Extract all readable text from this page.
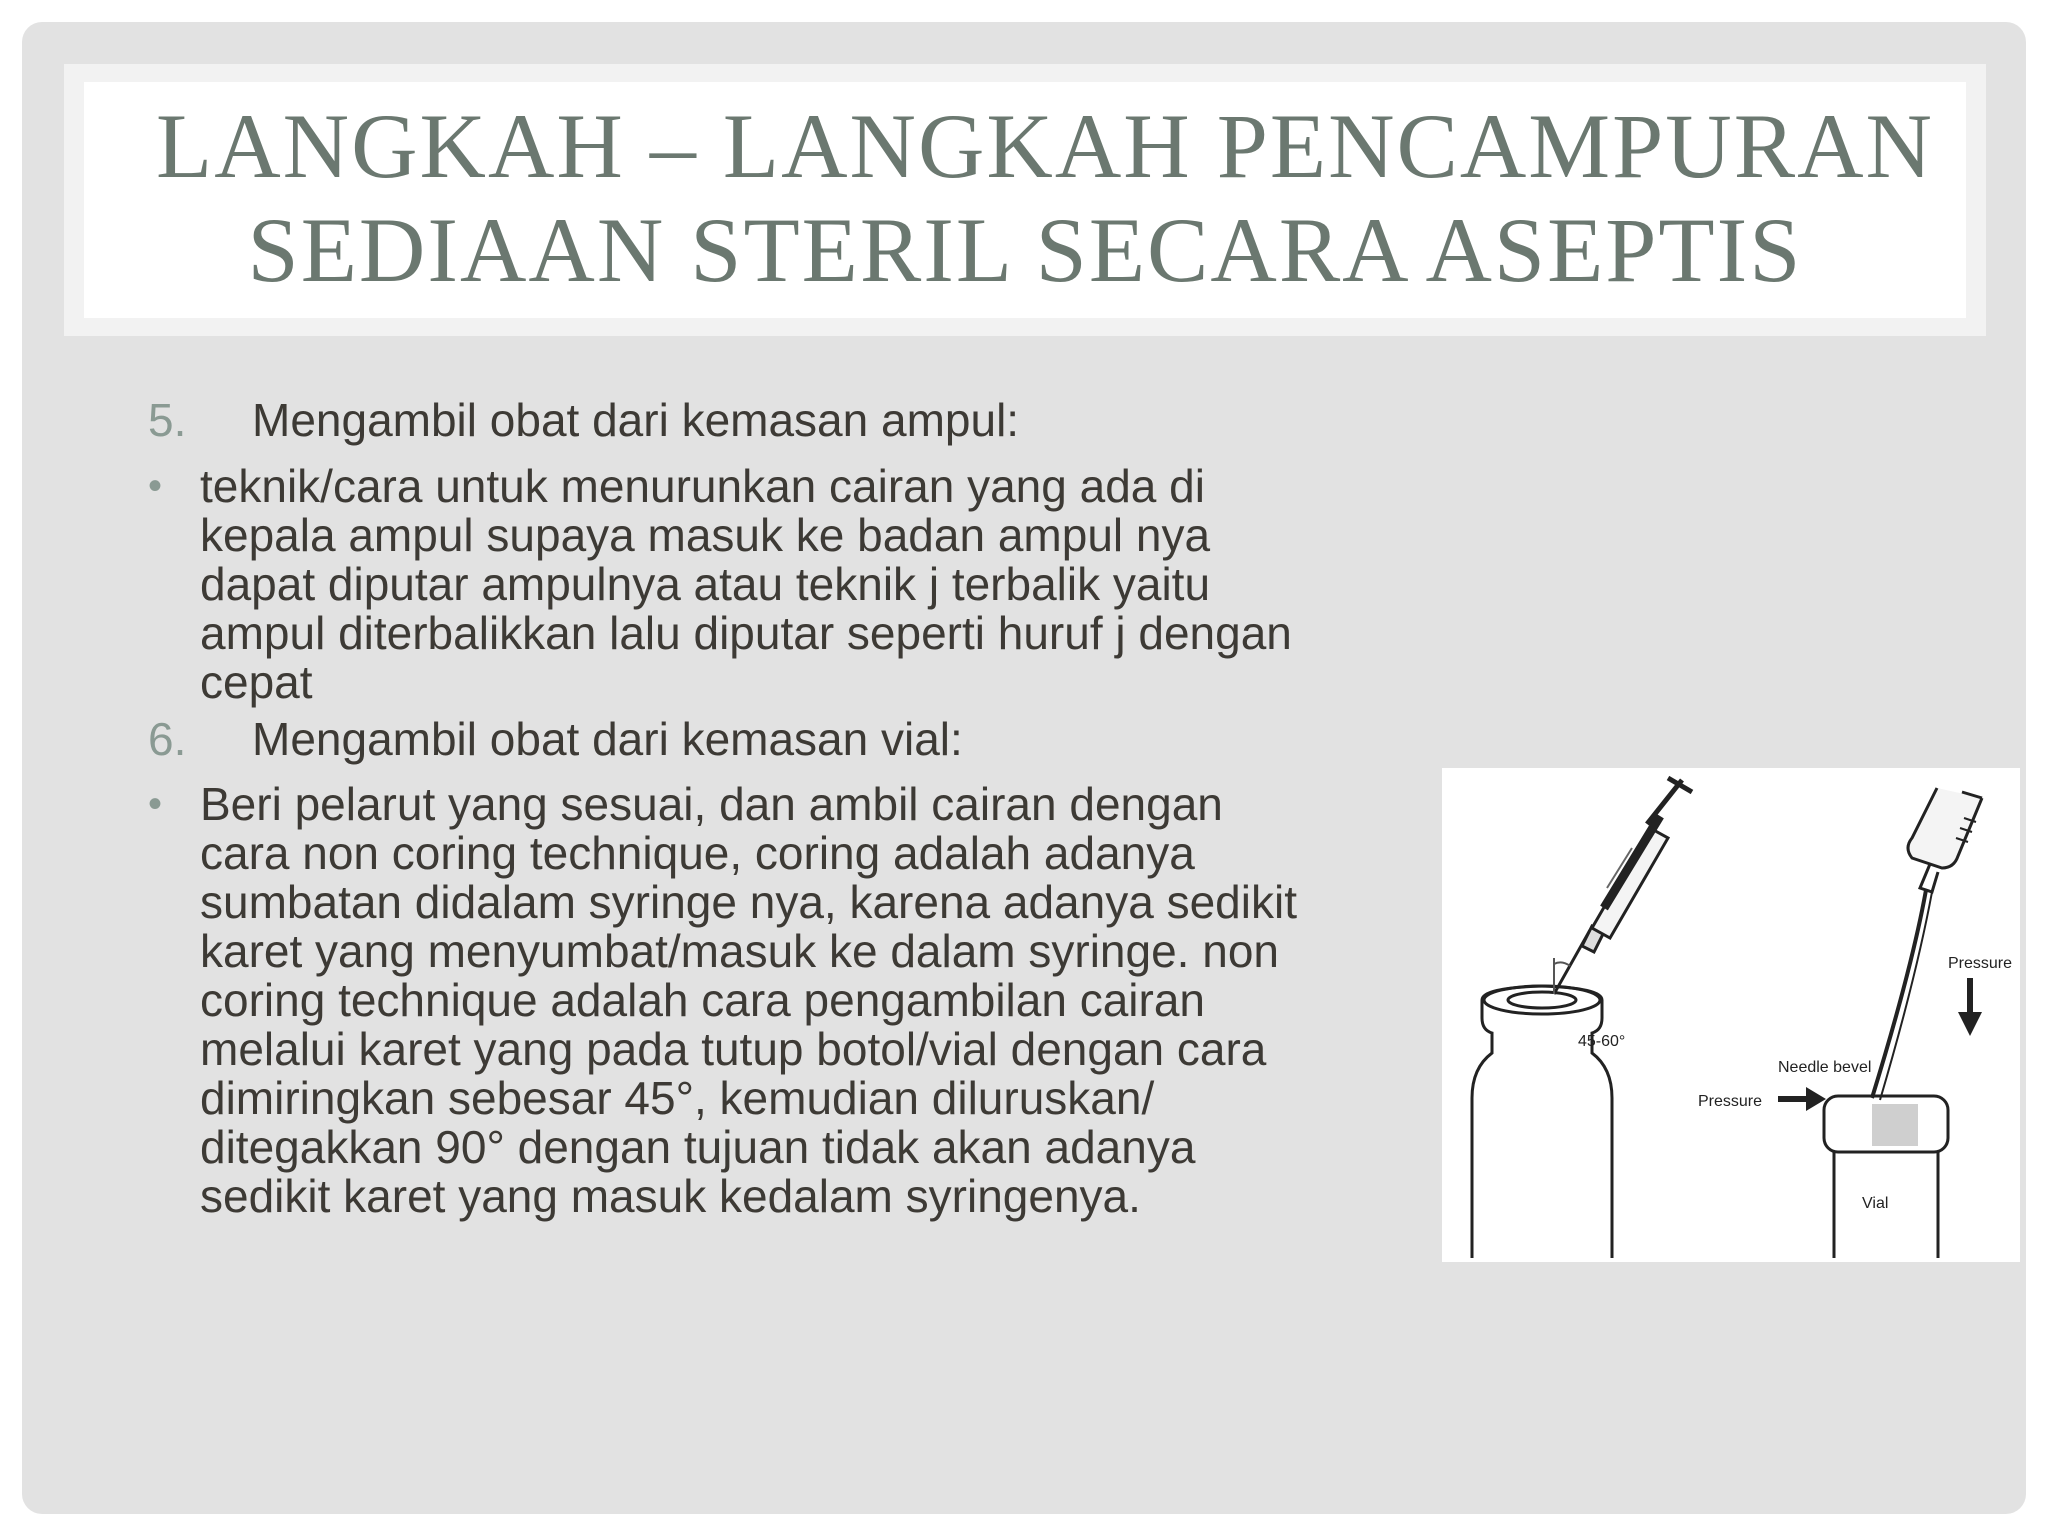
LANGKAH – LANGKAH PENCAMPURAN
SEDIAAN STERIL SECARA ASEPTIS
5. Mengambil obat dari kemasan ampul:
• teknik/cara untuk menurunkan cairan yang ada di
kepala ampul supaya masuk ke badan ampul nya
dapat diputar ampulnya atau teknik j terbalik yaitu
ampul diterbalikkan lalu diputar seperti huruf j dengan
cepat
6. Mengambil obat dari kemasan vial:
• Beri pelarut yang sesuai, dan ambil cairan dengan
cara non coring technique, coring adalah adanya
sumbatan didalam syringe nya, karena adanya sedikit
karet yang menyumbat/masuk ke dalam syringe. non
coring technique adalah cara pengambilan cairan
melalui karet yang pada tutup botol/vial dengan cara
dimiringkan sebesar 45°, kemudian diluruskan/
ditegakkan 90° dengan tujuan tidak akan adanya
sedikit karet yang masuk kedalam syringenya.
45-60°
Pressure
Pressure
Needle bevel
Vial
